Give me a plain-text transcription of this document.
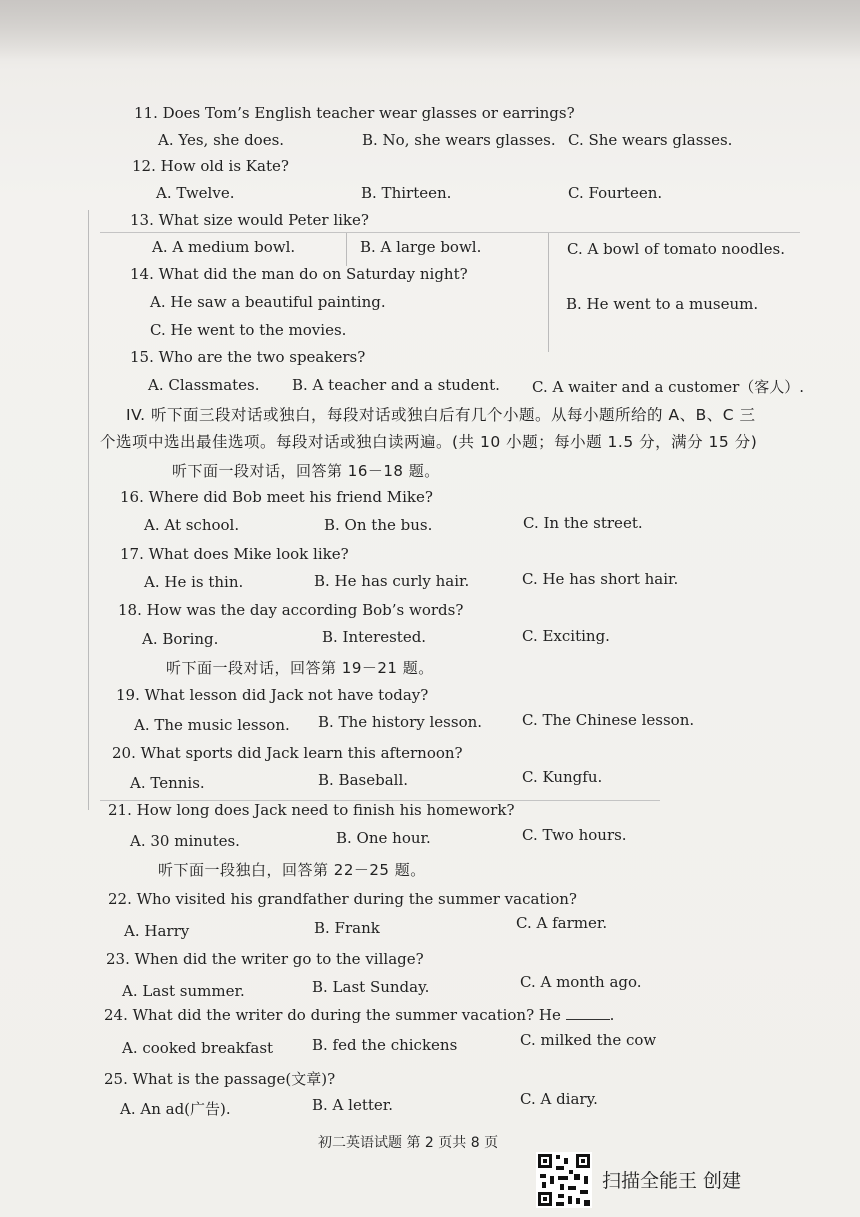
11. Does Tom’s English teacher wear glasses or earrings?
A. Yes, she does.	B. No, she wears glasses. C. She wears glasses.
12. How old is Kate?
A. Twelve.	B. Thirteen.	C. Fourteen.
13. What size would Peter like?
A. A medium bowl.	B. A large bowl.	C. A bowl of tomato noodles.
14. What did the man do on Saturday night?
A. He saw a beautiful painting.	B. He went to a museum.
C. He went to the movies.
15. Who are the two speakers?
A. Classmates. B. A teacher and a student. C. A waiter and a customer（客人）.
IV. 听下面三段对话或独白，每段对话或独白后有几个小题。从每小题所给的 A、B、C 三
个选项中选出最佳选项。每段对话或独白读两遍。(共 10 小题；每小题 1.5 分，满分 15 分)
听下面一段对话，回答第 16－18 题。
16. Where did Bob meet his friend Mike?
A. At school.	B. On the bus.	C. In the street.
17. What does Mike look like?
A. He is thin.	B. He has curly hair.	C. He has short hair.
18. How was the day according Bob’s words?
A. Boring.	B. Interested.	C. Exciting.
听下面一段对话，回答第 19－21 题。
19. What lesson did Jack not have today?
A. The music lesson. B. The history lesson.	C. The Chinese lesson.
20. What sports did Jack learn this afternoon?
A. Tennis.	B. Baseball.	C. Kungfu.
21. How long does Jack need to finish his homework?
A. 30 minutes.	B. One hour.	C. Two hours.
听下面一段独白，回答第 22－25 题。
22. Who visited his grandfather during the summer vacation?
A. Harry	B. Frank	C. A farmer.
23. When did the writer go to the village?
A. Last summer.	B. Last Sunday.	C. A month ago.
24. What did the writer do during the summer vacation? He	.
A. cooked breakfast	B. fed the chickens	C. milked the cow
25. What is the passage(文章)?
A. An ad(广告).	B. A letter.	C. A diary.
初二英语试题 第 2 页共 8 页
扫描全能王 创建
